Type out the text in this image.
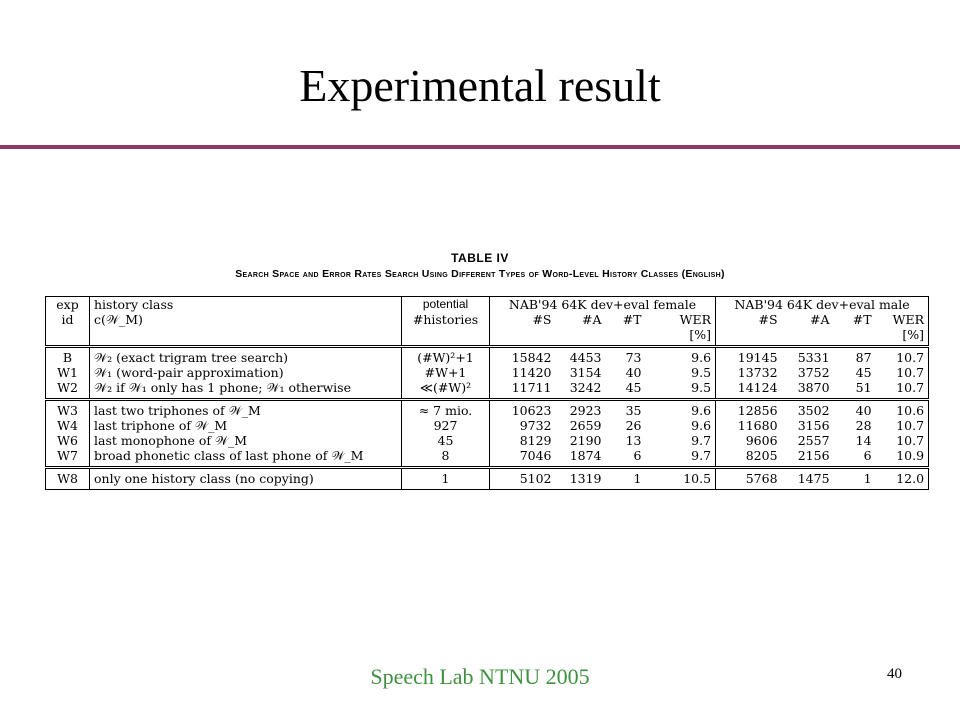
Experimental result
TABLE IV
Search Space and Error Rates Search Using Different Types of Word-Level History Classes (English)
exp	history class	potential	NAB'94 64K dev+eval female				NAB'94 64K dev+eval male			
id	c(𝒲_M)	#histories	#S	#A	#T	WER	#S	#A	#T	WER
						[%]				[%]
B	𝒲₂ (exact trigram tree search)	(#W)²+1	15842	4453	73	9.6	19145	5331	87	10.7
W1	𝒲₁ (word-pair approximation)	#W+1	11420	3154	40	9.5	13732	3752	45	10.7
W2	𝒲₂ if 𝒲₁ only has 1 phone; 𝒲₁ otherwise	≪(#W)²	11711	3242	45	9.5	14124	3870	51	10.7
W3	last two triphones of 𝒲_M	≈ 7 mio.	10623	2923	35	9.6	12856	3502	40	10.6
W4	last triphone of 𝒲_M	927	9732	2659	26	9.6	11680	3156	28	10.7
W6	last monophone of 𝒲_M	45	8129	2190	13	9.7	9606	2557	14	10.7
W7	broad phonetic class of last phone of 𝒲_M	8	7046	1874	6	9.7	8205	2156	6	10.9
W8	only one history class (no copying)	1	5102	1319	1	10.5	5768	1475	1	12.0
Speech Lab NTNU 2005	40
